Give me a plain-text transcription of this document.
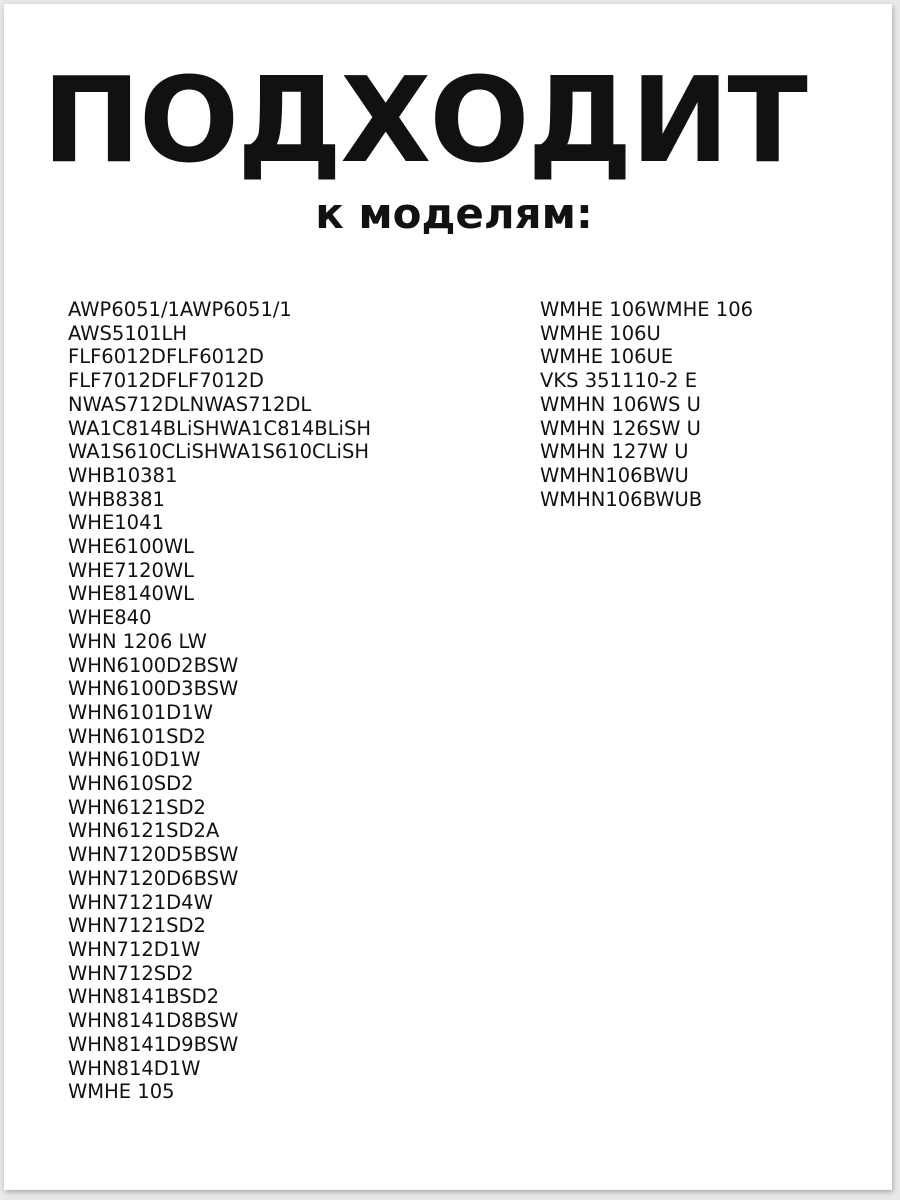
ПОДХОДИТ
к моделям:
AWP6051/1AWP6051/1
AWS5101LH
FLF6012DFLF6012D
FLF7012DFLF7012D
NWAS712DLNWAS712DL
WA1C814BLiSHWA1C814BLiSH
WA1S610CLiSHWA1S610CLiSH
WHB10381
WHB8381
WHE1041
WHE6100WL
WHE7120WL
WHE8140WL
WHE840
WHN 1206 LW
WHN6100D2BSW
WHN6100D3BSW
WHN6101D1W
WHN6101SD2
WHN610D1W
WHN610SD2
WHN6121SD2
WHN6121SD2A
WHN7120D5BSW
WHN7120D6BSW
WHN7121D4W
WHN7121SD2
WHN712D1W
WHN712SD2
WHN8141BSD2
WHN8141D8BSW
WHN8141D9BSW
WHN814D1W
WMHE 105
WMHE 106WMHE 106
WMHE 106U
WMHE 106UE
VKS 351110-2 E
WMHN 106WS U
WMHN 126SW U
WMHN 127W U
WMHN106BWU
WMHN106BWUB
